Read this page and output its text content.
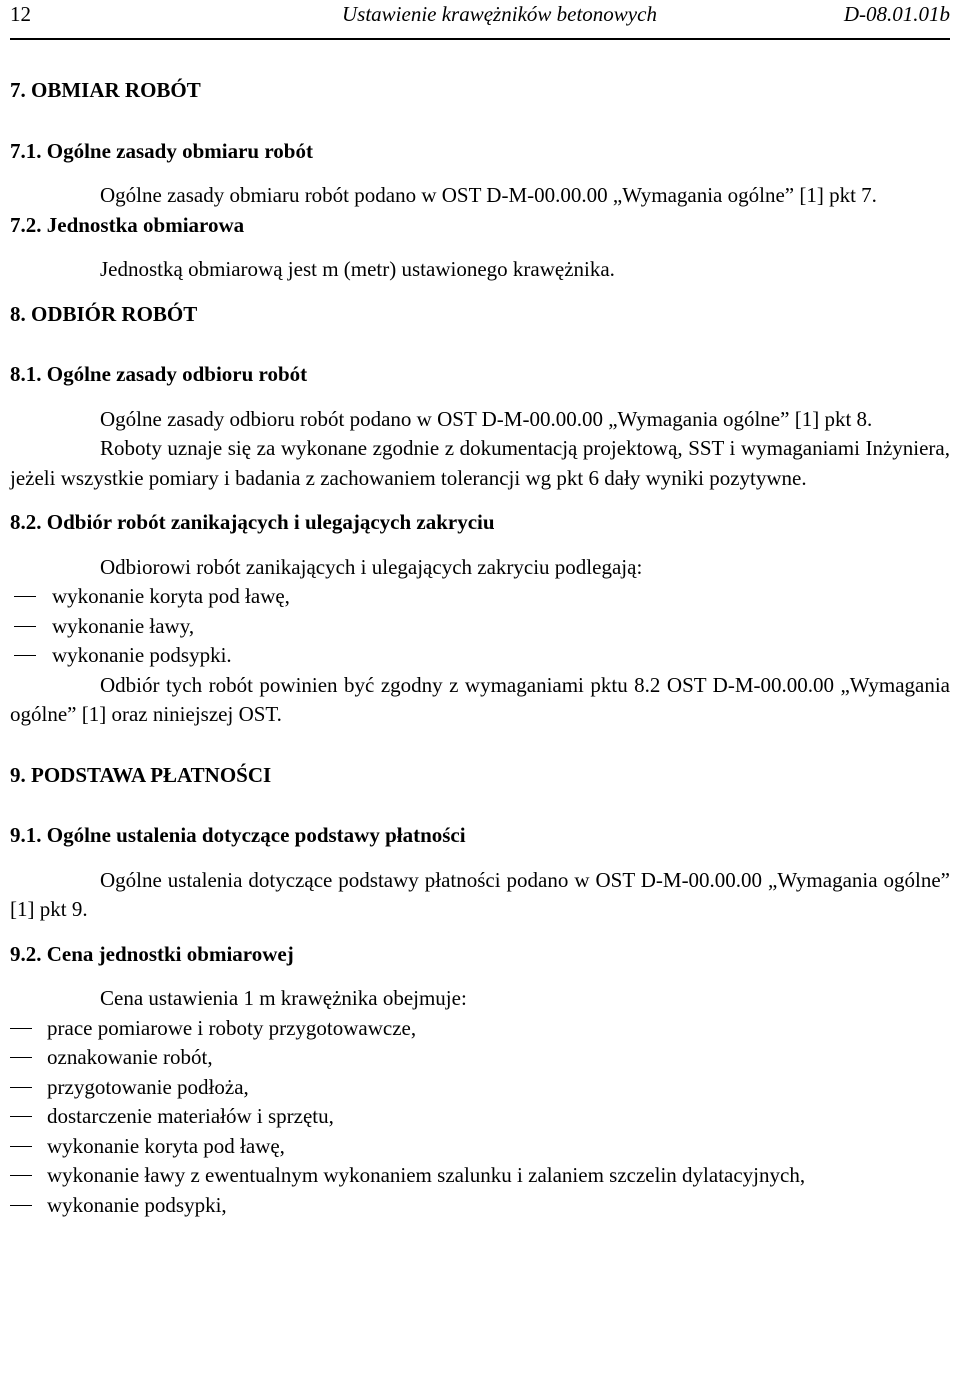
12	Ustawienie krawężników betonowych	D-08.01.01b
7. OBMIAR ROBÓT
7.1. Ogólne zasady obmiaru robót

Ogólne zasady obmiaru robót podano w OST D-M-00.00.00 „Wymagania ogólne” [1] pkt 7.

7.2. Jednostka obmiarowa

Jednostką obmiarową jest m (metr) ustawionego krawężnika.

8. ODBIÓR ROBÓT
8.1. Ogólne zasady odbioru robót

Ogólne zasady odbioru robót podano w OST D-M-00.00.00 „Wymagania ogólne” [1] pkt 8.

Roboty uznaje się za wykonane zgodnie z dokumentacją projektową, SST i wymaganiami Inżyniera, jeżeli wszystkie pomiary i badania z zachowaniem tolerancji wg pkt 6 dały wyniki pozytywne.

8.2. Odbiór robót zanikających i ulegających zakryciu

Odbiorowi robót zanikających i ulegających zakryciu podlegają:

wykonanie koryta pod ławę,
wykonanie ławy,
wykonanie podsypki.

Odbiór tych robót powinien być zgodny z wymaganiami pktu 8.2 OST D-M-00.00.00 „Wymagania ogólne” [1] oraz niniejszej OST.

9. PODSTAWA PŁATNOŚCI
9.1. Ogólne ustalenia dotyczące podstawy płatności

Ogólne ustalenia dotyczące podstawy płatności podano w OST D-M-00.00.00 „Wymagania ogólne” [1] pkt 9.

9.2. Cena jednostki obmiarowej

Cena ustawienia 1 m krawężnika obejmuje:

prace pomiarowe i roboty przygotowawcze,
oznakowanie robót,
przygotowanie podłoża,
dostarczenie materiałów i sprzętu,
wykonanie koryta pod ławę,
wykonanie ławy z ewentualnym wykonaniem szalunku i zalaniem szczelin dylatacyjnych,
wykonanie podsypki,
